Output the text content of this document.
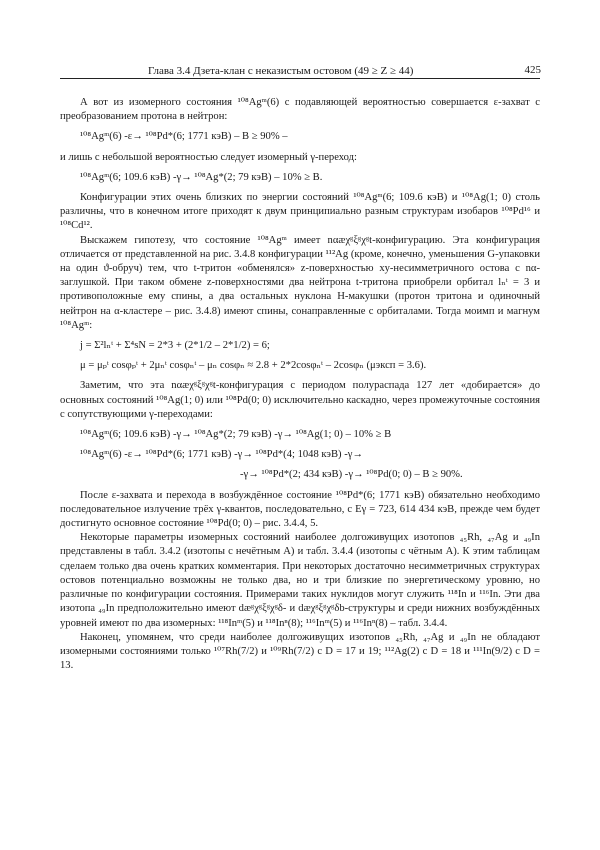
Глава 3.4 Дзета-клан с неказистым остовом (49 ≥ Z ≥ 44)	425

А вот из изомерного состояния ¹⁰⁸Agᵐ(6) с подавляющей вероятностью совершается ε-захват с преобразованием протона в нейтрон:

¹⁰⁸Agᵐ(6) -ε→ ¹⁰⁸Pd*(6; 1771 кэВ) – B ≥ 90% –

и лишь с небольшой вероятностью следует изомерный γ-переход:

¹⁰⁸Agᵐ(6; 109.6 кэВ) -γ→ ¹⁰⁸Ag*(2; 79 кэВ) – 10% ≥ B.

Конфигурации этих очень близких по энергии состояний ¹⁰⁸Agᵐ(6; 109.6 кэВ) и ¹⁰⁸Ag(1; 0) столь различны, что в конечном итоге приходят к двум принципиально разным структурам изобаров ¹⁰⁸Pd¹⁶ и ¹⁰⁸Cd¹².

Выскажем гипотезу, что состояние ¹⁰⁸Agᵐ имеет nαæχᵍξᵍχᵍt-конфигурацию. Эта конфигурация отличается от представленной на рис. 3.4.8 конфигурации ¹¹²Ag (кроме, конечно, уменьшения G-упаковки на один ϑ-обруч) тем, что t-тритон «обменялся» z-поверхностью xy-несимметричного остова с nα-заглушкой. При таком обмене z-поверхностями два нейтрона t-тритона приобрели орбитал lₙᵗ = 3 и противоположные ему спины, а два остальных нуклона H-макушки (протон тритона и одиночный нейтрон на α-кластере – рис. 3.4.8) имеют спины, сонаправленные с орбиталами. Тогда моимп и магнум ¹⁰⁸Agᵐ:

j = Σ²lₙᵗ + Σ⁴sN = 2*3 + (2*1/2 – 2*1/2) = 6;
μ = μₚᵗ cosφₚᵗ + 2μₙᵗ cosφₙᵗ – μₙ cosφₙ ≈ 2.8 + 2*2cosφₙᵗ – 2cosφₙ (μэксп = 3.6).

Заметим, что эта nαæχᵍξᵍχᵍt-конфигурация с периодом полураспада 127 лет «добирается» до основных состояний ¹⁰⁸Ag(1; 0) или ¹⁰⁸Pd(0; 0) исключительно каскадно, через промежуточные состояния с сопутствующими γ-переходами:

¹⁰⁸Agᵐ(6; 109.6 кэВ) -γ→ ¹⁰⁸Ag*(2; 79 кэВ) -γ→ ¹⁰⁸Ag(1; 0) – 10% ≥ B
¹⁰⁸Agᵐ(6) -ε→ ¹⁰⁸Pd*(6; 1771 кэВ) -γ→ ¹⁰⁸Pd*(4; 1048 кэВ) -γ→
-γ→ ¹⁰⁸Pd*(2; 434 кэВ) -γ→ ¹⁰⁸Pd(0; 0) – B ≥ 90%.

После ε-захвата и перехода в возбуждённое состояние ¹⁰⁸Pd*(6; 1771 кэВ) обязательно необходимо последовательное излучение трёх γ-квантов, последовательно, с Eγ = 723, 614 434 кэВ, прежде чем будет достигнуто основное состояние ¹⁰⁸Pd(0; 0) – рис. 3.4.4, 5.

Некоторые параметры изомерных состояний наиболее долгоживущих изотопов ₄₅Rh, ₄₇Ag и ₄₉In представлены в табл. 3.4.2 (изотопы с нечётным A) и табл. 3.4.4 (изотопы с чётным A). К этим таблицам сделаем только два очень кратких комментария. При некоторых достаточно несимметричных структурах остовов потенциально возможны не только два, но и три близкие по энергетическому уровню, но различные по конфигурации состояния. Примерами таких нуклидов могут служить ¹¹⁸In и ¹¹⁶In. Эти два изотопа ₄₉In предположительно имеют dæᵍχᵍξᵍχᵍδ- и dæχᵍξᵍχᵍδb-структуры и среди нижних возбуждённых уровней имеют по два изомерных: ¹¹⁸Inᵐ(5) и ¹¹⁸Inⁿ(8); ¹¹⁶Inᵐ(5) и ¹¹⁶Inⁿ(8) – табл. 3.4.4.

Наконец, упомянем, что среди наиболее долгоживущих изотопов ₄₅Rh, ₄₇Ag и ₄₉In не обладают изомерными состояниями только ¹⁰⁷Rh(7/2) и ¹⁰⁹Rh(7/2) с D = 17 и 19; ¹¹²Ag(2) с D = 18 и ¹¹¹In(9/2) с D = 13.
